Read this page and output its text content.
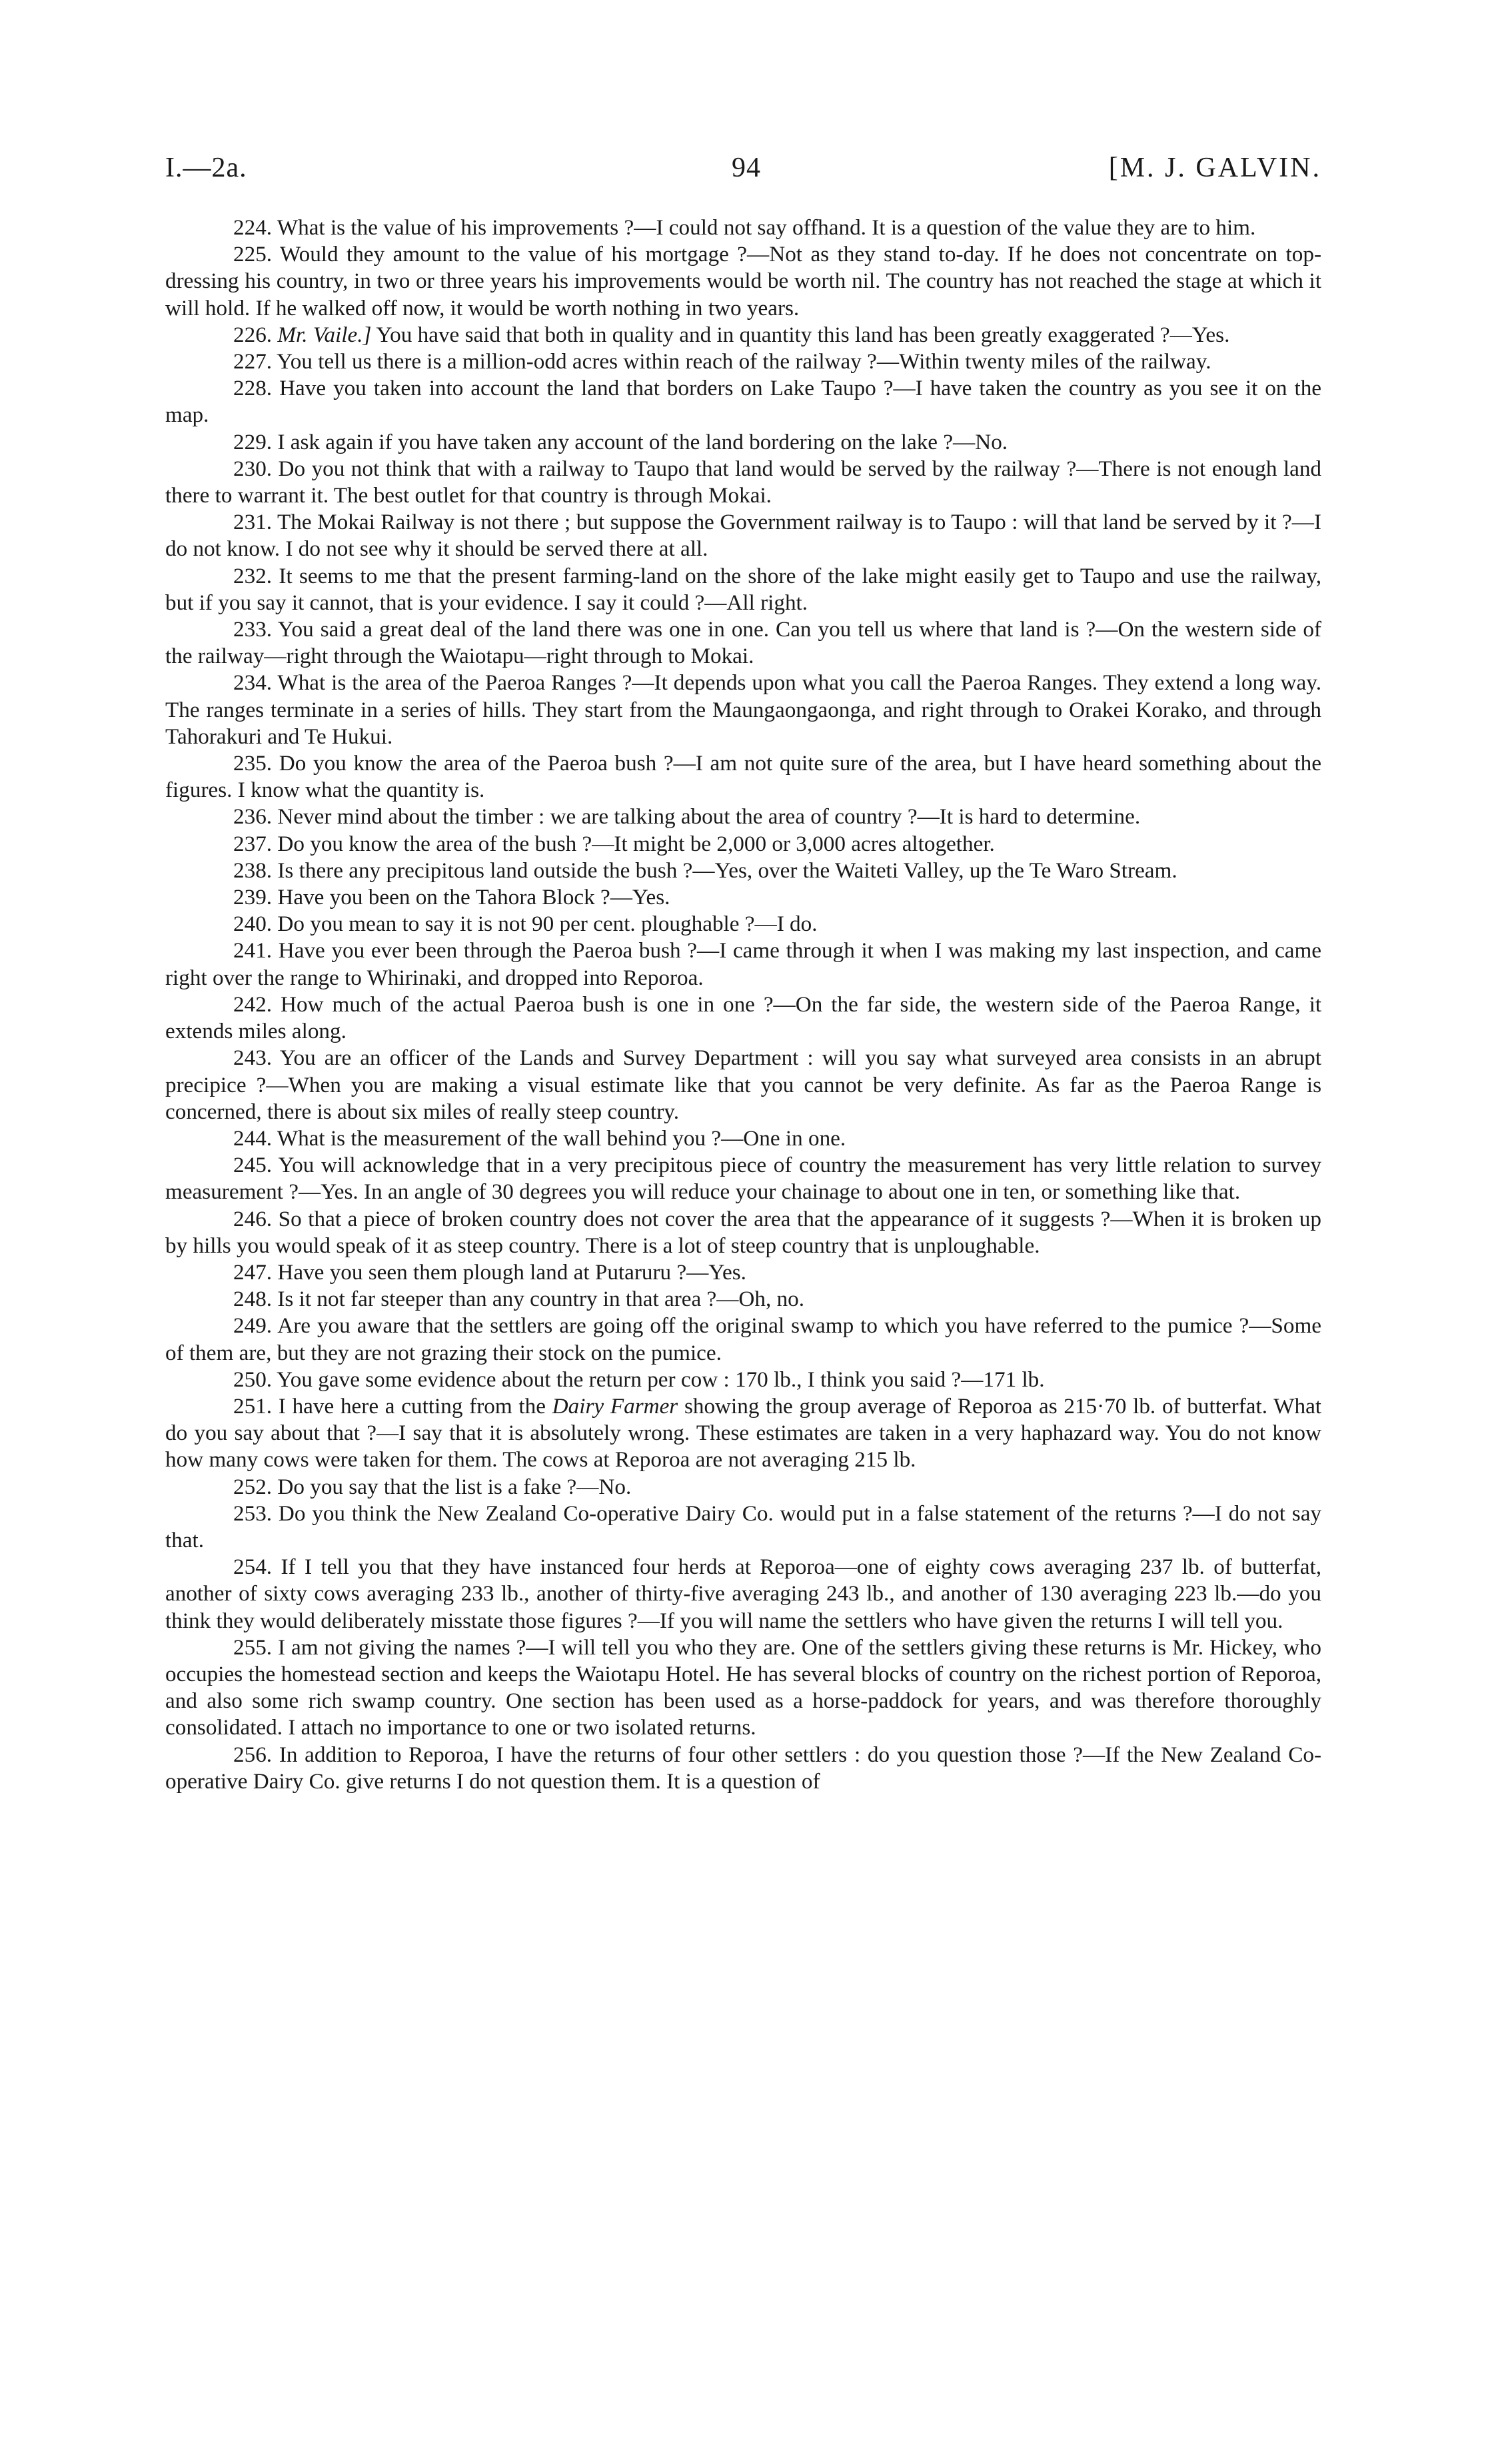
I.—2a.	94	[M. J. GALVIN.

224. What is the value of his improvements ?—I could not say offhand. It is a question of the value they are to him.

225. Would they amount to the value of his mortgage ?—Not as they stand to-day. If he does not concentrate on top-dressing his country, in two or three years his improvements would be worth nil. The country has not reached the stage at which it will hold. If he walked off now, it would be worth nothing in two years.

226. Mr. Vaile.] You have said that both in quality and in quantity this land has been greatly exaggerated ?—Yes.

227. You tell us there is a million-odd acres within reach of the railway ?—Within twenty miles of the railway.

228. Have you taken into account the land that borders on Lake Taupo ?—I have taken the country as you see it on the map.

229. I ask again if you have taken any account of the land bordering on the lake ?—No.

230. Do you not think that with a railway to Taupo that land would be served by the railway ?—There is not enough land there to warrant it. The best outlet for that country is through Mokai.

231. The Mokai Railway is not there ; but suppose the Government railway is to Taupo : will that land be served by it ?—I do not know. I do not see why it should be served there at all.

232. It seems to me that the present farming-land on the shore of the lake might easily get to Taupo and use the railway, but if you say it cannot, that is your evidence. I say it could ?—All right.

233. You said a great deal of the land there was one in one. Can you tell us where that land is ?—On the western side of the railway—right through the Waiotapu—right through to Mokai.

234. What is the area of the Paeroa Ranges ?—It depends upon what you call the Paeroa Ranges. They extend a long way. The ranges terminate in a series of hills. They start from the Maungaongaonga, and right through to Orakei Korako, and through Tahorakuri and Te Hukui.

235. Do you know the area of the Paeroa bush ?—I am not quite sure of the area, but I have heard something about the figures. I know what the quantity is.

236. Never mind about the timber : we are talking about the area of country ?—It is hard to determine.

237. Do you know the area of the bush ?—It might be 2,000 or 3,000 acres altogether.

238. Is there any precipitous land outside the bush ?—Yes, over the Waiteti Valley, up the Te Waro Stream.

239. Have you been on the Tahora Block ?—Yes.

240. Do you mean to say it is not 90 per cent. ploughable ?—I do.

241. Have you ever been through the Paeroa bush ?—I came through it when I was making my last inspection, and came right over the range to Whirinaki, and dropped into Reporoa.

242. How much of the actual Paeroa bush is one in one ?—On the far side, the western side of the Paeroa Range, it extends miles along.

243. You are an officer of the Lands and Survey Department : will you say what surveyed area consists in an abrupt precipice ?—When you are making a visual estimate like that you cannot be very definite. As far as the Paeroa Range is concerned, there is about six miles of really steep country.

244. What is the measurement of the wall behind you ?—One in one.

245. You will acknowledge that in a very precipitous piece of country the measurement has very little relation to survey measurement ?—Yes. In an angle of 30 degrees you will reduce your chainage to about one in ten, or something like that.

246. So that a piece of broken country does not cover the area that the appearance of it suggests ?—When it is broken up by hills you would speak of it as steep country. There is a lot of steep country that is unploughable.

247. Have you seen them plough land at Putaruru ?—Yes.

248. Is it not far steeper than any country in that area ?—Oh, no.

249. Are you aware that the settlers are going off the original swamp to which you have referred to the pumice ?—Some of them are, but they are not grazing their stock on the pumice.

250. You gave some evidence about the return per cow : 170 lb., I think you said ?—171 lb.

251. I have here a cutting from the Dairy Farmer showing the group average of Reporoa as 215·70 lb. of butterfat. What do you say about that ?—I say that it is absolutely wrong. These estimates are taken in a very haphazard way. You do not know how many cows were taken for them. The cows at Reporoa are not averaging 215 lb.

252. Do you say that the list is a fake ?—No.

253. Do you think the New Zealand Co-operative Dairy Co. would put in a false statement of the returns ?—I do not say that.

254. If I tell you that they have instanced four herds at Reporoa—one of eighty cows averaging 237 lb. of butterfat, another of sixty cows averaging 233 lb., another of thirty-five averaging 243 lb., and another of 130 averaging 223 lb.—do you think they would deliberately misstate those figures ?—If you will name the settlers who have given the returns I will tell you.

255. I am not giving the names ?—I will tell you who they are. One of the settlers giving these returns is Mr. Hickey, who occupies the homestead section and keeps the Waiotapu Hotel. He has several blocks of country on the richest portion of Reporoa, and also some rich swamp country. One section has been used as a horse-paddock for years, and was therefore thoroughly consolidated. I attach no importance to one or two isolated returns.

256. In addition to Reporoa, I have the returns of four other settlers : do you question those ?—If the New Zealand Co-operative Dairy Co. give returns I do not question them. It is a question of
